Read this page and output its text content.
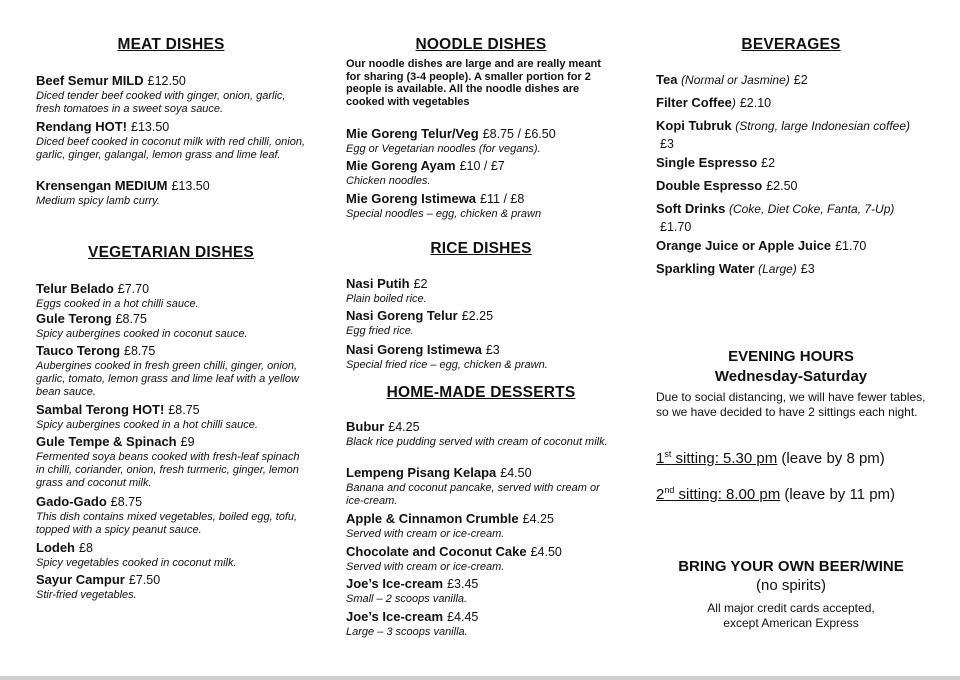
MEAT DISHES
Beef Semur MILD £12.50
Diced tender beef cooked with ginger, onion, garlic, fresh tomatoes in a sweet soya sauce.
Rendang HOT! £13.50
Diced beef cooked in coconut milk with red chilli, onion, garlic, ginger, galangal, lemon grass and lime leaf.
Krensengan MEDIUM £13.50
Medium spicy lamb curry.
VEGETARIAN DISHES
Telur Belado £7.70
Eggs cooked in a hot chilli sauce.
Gule Terong £8.75
Spicy aubergines cooked in coconut sauce.
Tauco Terong £8.75
Aubergines cooked in fresh green chilli, ginger, onion, garlic, tomato, lemon grass and lime leaf with a yellow bean sauce.
Sambal Terong HOT! £8.75
Spicy aubergines cooked in a hot chilli sauce.
Gule Tempe & Spinach £9
Fermented soya beans cooked with fresh-leaf spinach in chilli, coriander, onion, fresh turmeric, ginger, lemon grass and coconut milk.
Gado-Gado £8.75
This dish contains mixed vegetables, boiled egg, tofu, topped with a spicy peanut sauce.
Lodeh £8
Spicy vegetables cooked in coconut milk.
Sayur Campur £7.50
Stir-fried vegetables.
NOODLE DISHES
Our noodle dishes are large and are really meant for sharing (3-4 people). A smaller portion for 2 people is available. All the noodle dishes are cooked with vegetables
Mie Goreng Telur/Veg £8.75 / £6.50
Egg or Vegetarian noodles (for vegans).
Mie Goreng Ayam £10 / £7
Chicken noodles.
Mie Goreng Istimewa £11 / £8
Special noodles – egg, chicken & prawn
RICE DISHES
Nasi Putih £2
Plain boiled rice.
Nasi Goreng Telur £2.25
Egg fried rice.
Nasi Goreng Istimewa £3
Special fried rice – egg, chicken & prawn.
HOME-MADE DESSERTS
Bubur £4.25
Black rice pudding served with cream of coconut milk.
Lempeng Pisang Kelapa £4.50
Banana and coconut pancake, served with cream or ice-cream.
Apple & Cinnamon Crumble £4.25
Served with cream or ice-cream.
Chocolate and Coconut Cake £4.50
Served with cream or ice-cream.
Joe’s Ice-cream £3.45
Small – 2 scoops vanilla.
Joe’s Ice-cream £4.45
Large – 3 scoops vanilla.
BEVERAGES
Tea (Normal or Jasmine) £2
Filter Coffee) £2.10
Kopi Tubruk (Strong, large Indonesian coffee)£3
Single Espresso £2
Double Espresso £2.50
Soft Drinks (Coke, Diet Coke, Fanta, 7-Up)£1.70
Orange Juice or Apple Juice £1.70
Sparkling Water (Large) £3
EVENING HOURS
Wednesday-Saturday
Due to social distancing, we will have fewer tables, so we have decided to have 2 sittings each night.
1st sitting: 5.30 pm (leave by 8 pm)
2nd sitting: 8.00 pm (leave by 11 pm)
BRING YOUR OWN BEER/WINE
(no spirits)
All major credit cards accepted,
except American Express
